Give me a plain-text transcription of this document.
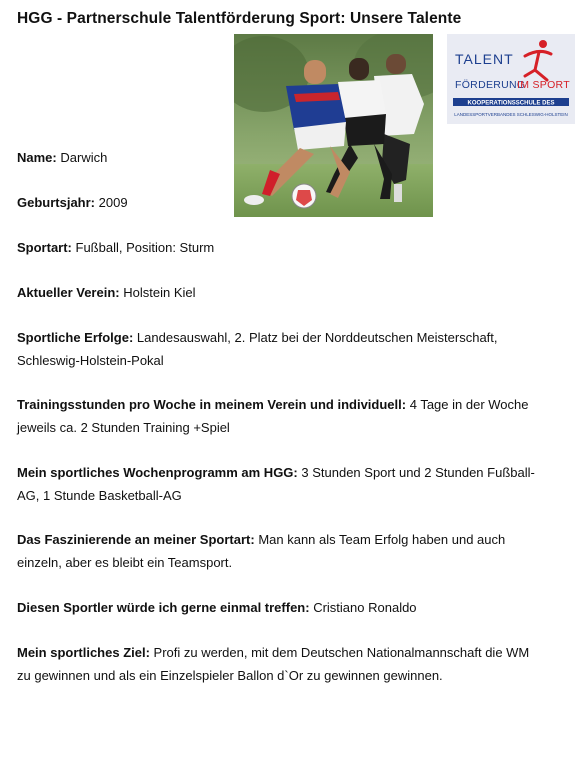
HGG - Partnerschule Talentförderung Sport: Unsere Talente
TALENT
FÖRDERUNG
IM SPORT
KOOPERATIONSSCHULE DES
LANDESSPORTVERBANDES SCHLESWIG-HOLSTEIN
Name: Darwich
Geburtsjahr: 2009
Sportart: Fußball, Position: Sturm
Aktueller Verein: Holstein Kiel
Sportliche Erfolge: Landesauswahl, 2. Platz bei der Norddeutschen Meisterschaft, Schleswig-Holstein-Pokal
Trainingsstunden pro Woche in meinem Verein und individuell: 4 Tage in der Woche jeweils ca. 2 Stunden Training +Spiel
Mein sportliches Wochenprogramm am HGG: 3 Stunden Sport und 2 Stunden Fußball-AG, 1 Stunde Basketball-AG
Das Faszinierende an meiner Sportart: Man kann als Team Erfolg haben und auch einzeln, aber es bleibt ein Teamsport.
Diesen Sportler würde ich gerne einmal treffen: Cristiano Ronaldo
Mein sportliches Ziel: Profi zu werden, mit dem Deutschen Nationalmannschaft die WM zu gewinnen und als ein Einzelspieler Ballon d`Or zu gewinnen gewinnen.
